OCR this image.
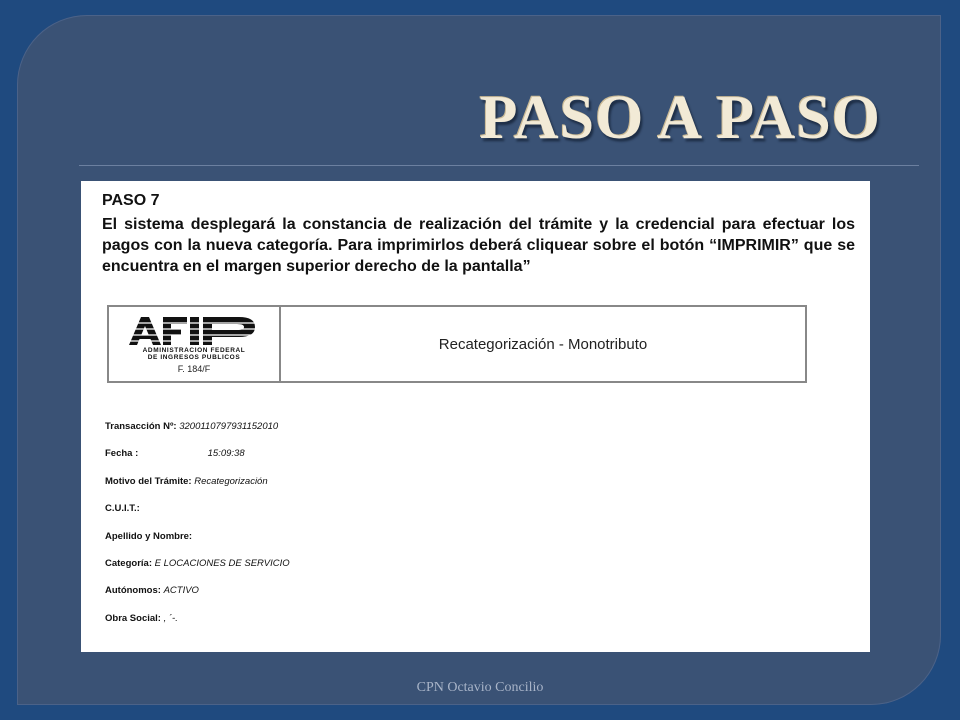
PASO A PASO

PASO 7

El sistema desplegará la constancia de realización del trámite y la credencial para efectuar los pagos con la nueva categoría. Para imprimirlos deberá cliquear sobre el botón “IMPRIMIR” que se encuentra en el margen superior derecho de la pantalla”

ADMINISTRACION FEDERAL
DE INGRESOS PUBLICOS
F. 184/F
Recategorización - Monotributo
Transacción Nº: 320011079793115201​0
Fecha :	15:09:38
Motivo del Trámite: Recategorización
C.U.I.T.:
Apellido y Nombre:
Categoría: E LOCACIONES DE SERVICIO
Autónomos: ACTIVO
Obra Social: , ´-.
CPN Octavio Concilio
